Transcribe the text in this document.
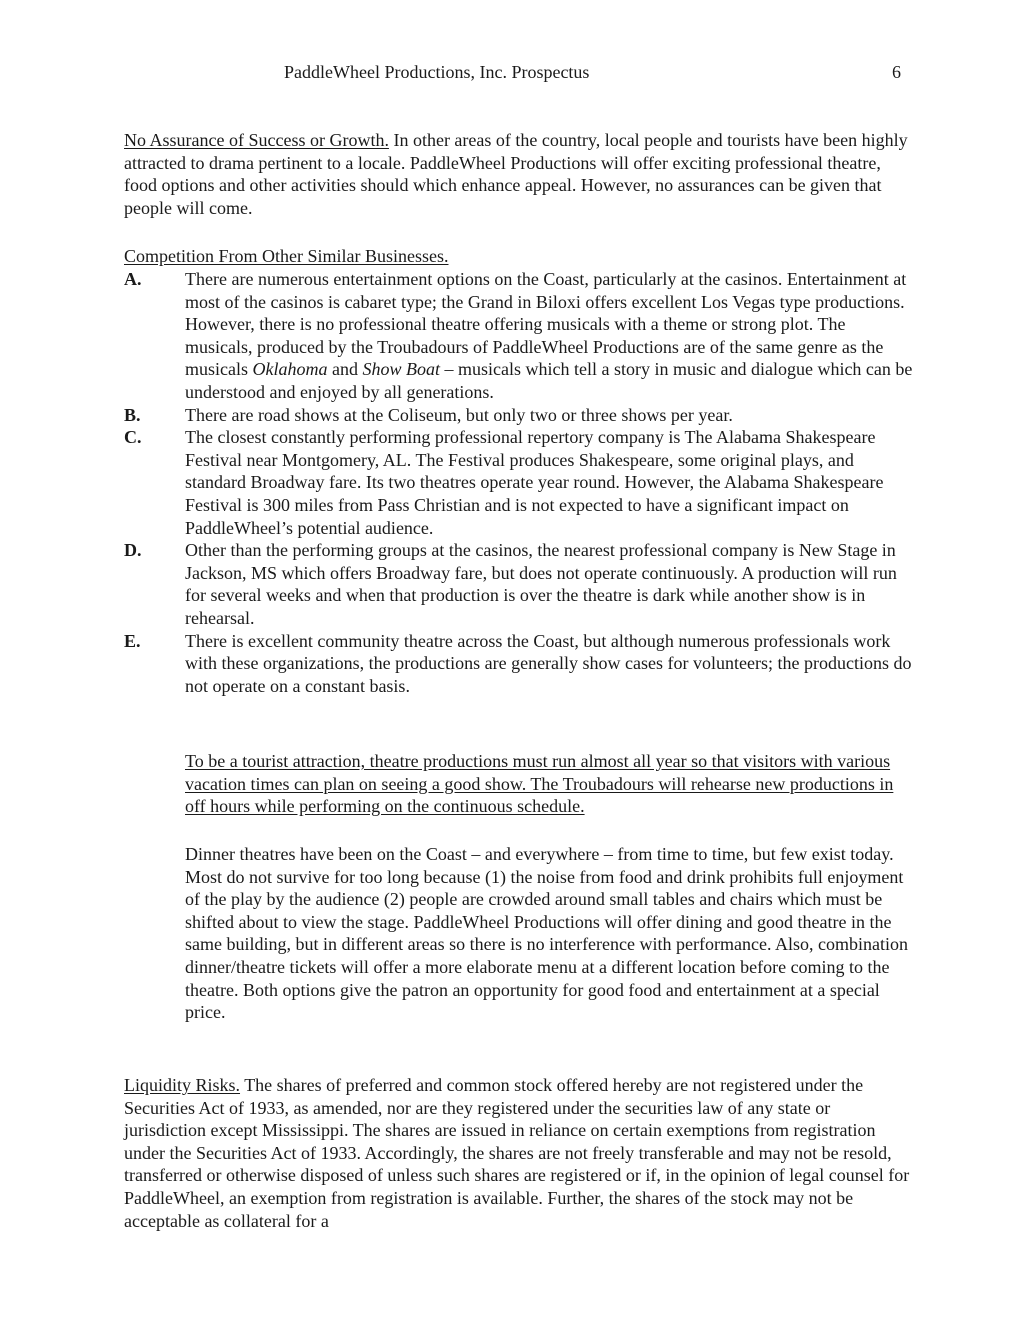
PaddleWheel Productions, Inc. Prospectus	6
No Assurance of Success or Growth. In other areas of the country, local people and tourists have been highly attracted to drama pertinent to a locale. PaddleWheel Productions will offer exciting professional theatre, food options and other activities should which enhance appeal. However, no assurances can be given that people will come.
Competition From Other Similar Businesses.
A.	There are numerous entertainment options on the Coast, particularly at the casinos. Entertainment at most of the casinos is cabaret type; the Grand in Biloxi offers excellent Los Vegas type productions. However, there is no professional theatre offering musicals with a theme or strong plot. The musicals, produced by the Troubadours of PaddleWheel Productions are of the same genre as the musicals Oklahoma and Show Boat – musicals which tell a story in music and dialogue which can be understood and enjoyed by all generations.
B.	There are road shows at the Coliseum, but only two or three shows per year.
C.	The closest constantly performing professional repertory company is The Alabama Shakespeare Festival near Montgomery, AL. The Festival produces Shakespeare, some original plays, and standard Broadway fare. Its two theatres operate year round. However, the Alabama Shakespeare Festival is 300 miles from Pass Christian and is not expected to have a significant impact on PaddleWheel’s potential audience.
D.	Other than the performing groups at the casinos, the nearest professional company is New Stage in Jackson, MS which offers Broadway fare, but does not operate continuously. A production will run for several weeks and when that production is over the theatre is dark while another show is in rehearsal.
E.	There is excellent community theatre across the Coast, but although numerous professionals work with these organizations, the productions are generally show cases for volunteers; the productions do not operate on a constant basis.
To be a tourist attraction, theatre productions must run almost all year so that visitors with various vacation times can plan on seeing a good show. The Troubadours will rehearse new productions in off hours while performing on the continuous schedule.
Dinner theatres have been on the Coast – and everywhere – from time to time, but few exist today. Most do not survive for too long because (1) the noise from food and drink prohibits full enjoyment of the play by the audience (2) people are crowded around small tables and chairs which must be shifted about to view the stage. PaddleWheel Productions will offer dining and good theatre in the same building, but in different areas so there is no interference with performance. Also, combination dinner/theatre tickets will offer a more elaborate menu at a different location before coming to the theatre. Both options give the patron an opportunity for good food and entertainment at a special price.
Liquidity Risks. The shares of preferred and common stock offered hereby are not registered under the Securities Act of 1933, as amended, nor are they registered under the securities law of any state or jurisdiction except Mississippi. The shares are issued in reliance on certain exemptions from registration under the Securities Act of 1933. Accordingly, the shares are not freely transferable and may not be resold, transferred or otherwise disposed of unless such shares are registered or if, in the opinion of legal counsel for PaddleWheel, an exemption from registration is available. Further, the shares of the stock may not be acceptable as collateral for a
